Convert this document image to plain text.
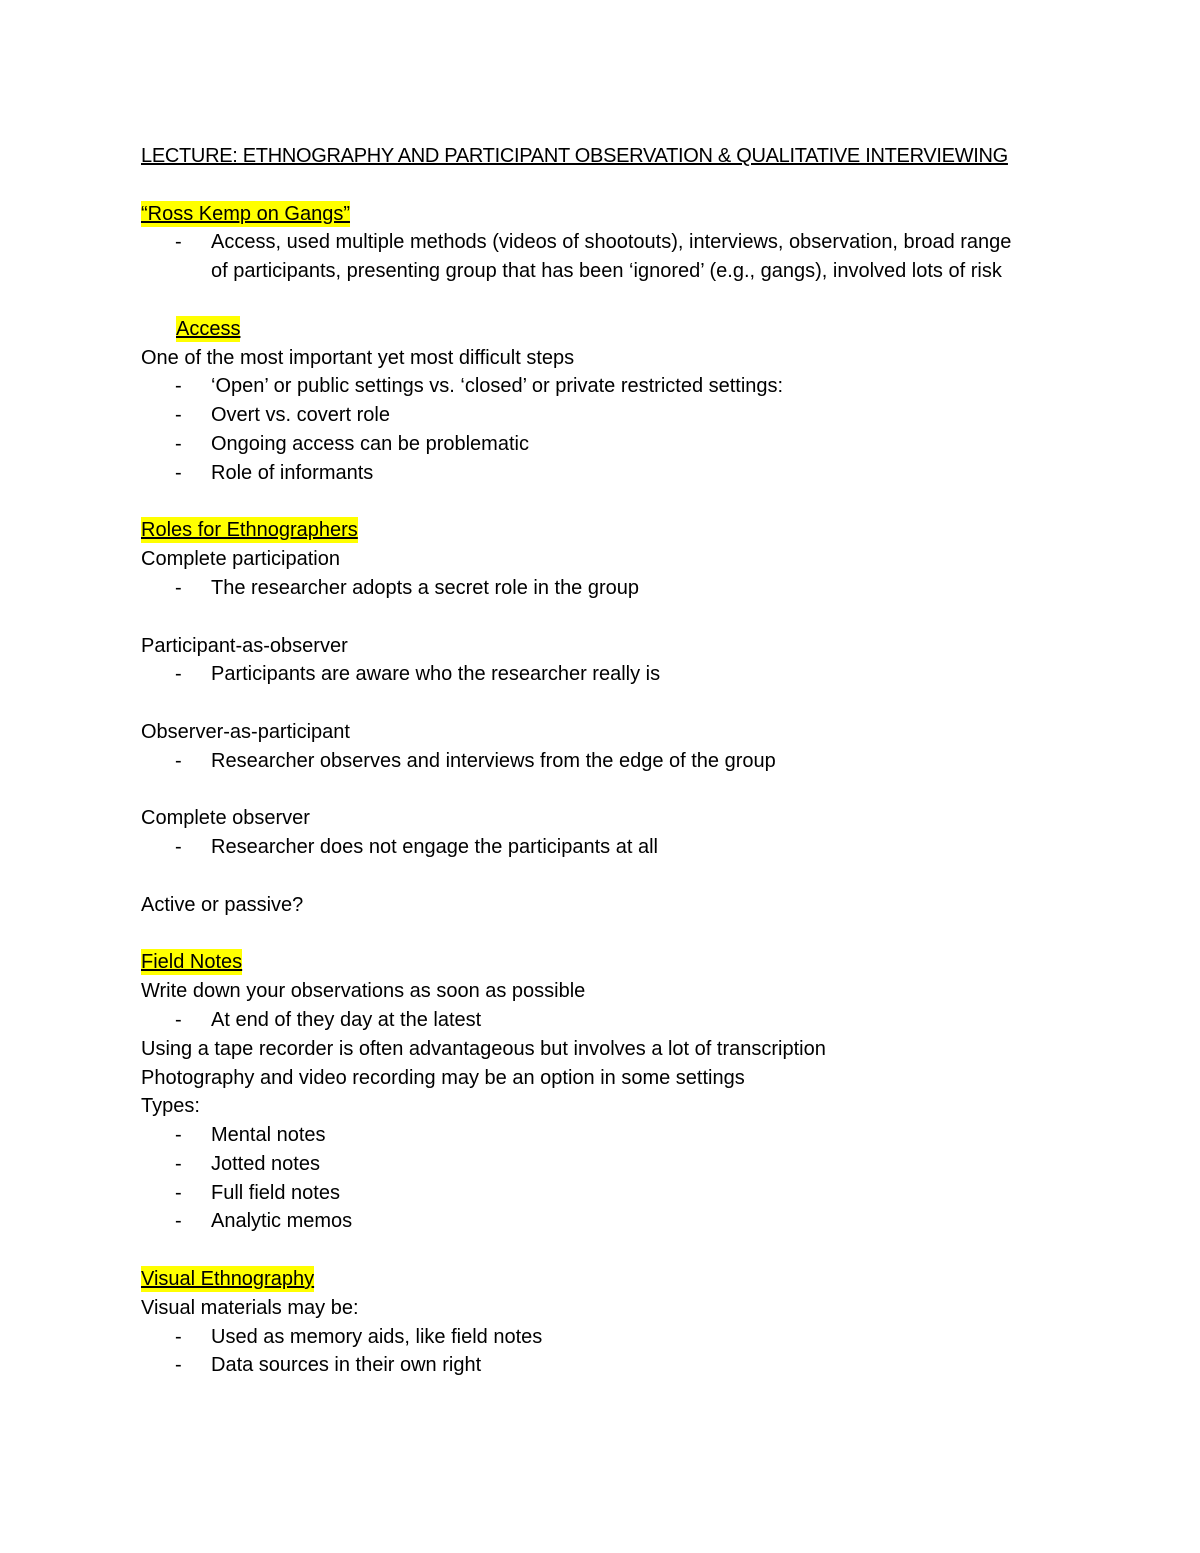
LECTURE: ETHNOGRAPHY AND PARTICIPANT OBSERVATION & QUALITATIVE INTERVIEWING
“Ross Kemp on Gangs”
-	Access, used multiple methods (videos of shootouts), interviews, observation, broad range of participants, presenting group that has been ‘ignored’ (e.g., gangs), involved lots of risk
Access
One of the most important yet most difficult steps
-	‘Open’ or public settings vs. ‘closed’ or private restricted settings:
-	Overt vs. covert role
-	Ongoing access can be problematic
-	Role of informants
Roles for Ethnographers
Complete participation
-	The researcher adopts a secret role in the group
Participant-as-observer
-	Participants are aware who the researcher really is
Observer-as-participant
-	Researcher observes and interviews from the edge of the group
Complete observer
-	Researcher does not engage the participants at all
Active or passive?
Field Notes
Write down your observations as soon as possible
-	At end of they day at the latest
Using a tape recorder is often advantageous but involves a lot of transcription
Photography and video recording may be an option in some settings
Types:
-	Mental notes
-	Jotted notes
-	Full field notes
-	Analytic memos
Visual Ethnography
Visual materials may be:
-	Used as memory aids, like field notes
-	Data sources in their own right
